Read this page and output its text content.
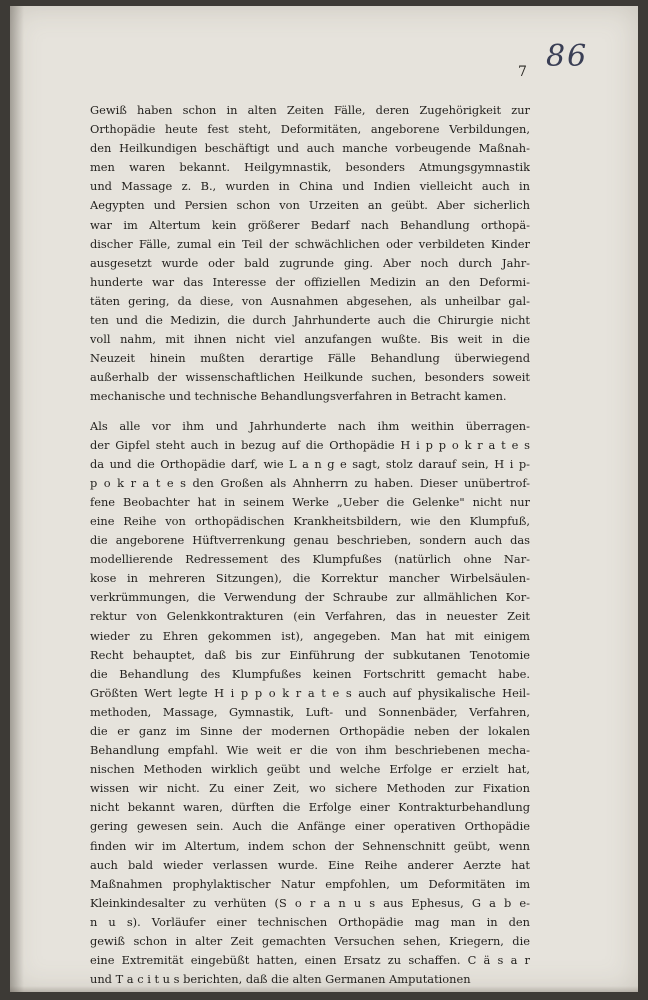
7 86
Gewiß haben schon in alten Zeiten Fälle, deren Zugehörigkeit zur
Orthopädie heute fest steht, Deformitäten, angeborene Verbildungen,
den Heilkundigen beschäftigt und auch manche vorbeugende Maßnah-
men waren bekannt. Heilgymnastik, besonders Atmungsgymnastik
und Massage z. B., wurden in China und Indien vielleicht auch in
Aegypten und Persien schon von Urzeiten an geübt. Aber sicherlich
war im Altertum kein größerer Bedarf nach Behandlung orthopä-
discher Fälle, zumal ein Teil der schwächlichen oder verbildeten Kinder
ausgesetzt wurde oder bald zugrunde ging. Aber noch durch Jahr-
hunderte war das Interesse der offiziellen Medizin an den Deformi-
täten gering, da diese, von Ausnahmen abgesehen, als unheilbar gal-
ten und die Medizin, die durch Jahrhunderte auch die Chirurgie nicht
voll nahm, mit ihnen nicht viel anzufangen wußte. Bis weit in die
Neuzeit hinein mußten derartige Fälle Behandlung überwiegend
außerhalb der wissenschaftlichen Heilkunde suchen, besonders soweit
mechanische und technische Behandlungsverfahren in Betracht kamen.
Als alle vor ihm und Jahrhunderte nach ihm weithin überragen-
der Gipfel steht auch in bezug auf die Orthopädie H i p p o k r a t e s
da und die Orthopädie darf, wie L a n g e sagt, stolz darauf sein, H i p-
p o k r a t e s den Großen als Ahnherrn zu haben. Dieser unübertrof-
fene Beobachter hat in seinem Werke „Ueber die Gelenke" nicht nur
eine Reihe von orthopädischen Krankheitsbildern, wie den Klumpfuß,
die angeborene Hüftverrenkung genau beschrieben, sondern auch das
modellierende Redressement des Klumpfußes (natürlich ohne Nar-
kose in mehreren Sitzungen), die Korrektur mancher Wirbelsäulen-
verkrümmungen, die Verwendung der Schraube zur allmählichen Kor-
rektur von Gelenkkontrakturen (ein Verfahren, das in neuester Zeit
wieder zu Ehren gekommen ist), angegeben. Man hat mit einigem
Recht behauptet, daß bis zur Einführung der subkutanen Tenotomie
die Behandlung des Klumpfußes keinen Fortschritt gemacht habe.
Größten Wert legte H i p p o k r a t e s auch auf physikalische Heil-
methoden, Massage, Gymnastik, Luft- und Sonnenbäder, Verfahren,
die er ganz im Sinne der modernen Orthopädie neben der lokalen
Behandlung empfahl. Wie weit er die von ihm beschriebenen mecha-
nischen Methoden wirklich geübt und welche Erfolge er erzielt hat,
wissen wir nicht. Zu einer Zeit, wo sichere Methoden zur Fixation
nicht bekannt waren, dürften die Erfolge einer Kontrakturbehandlung
gering gewesen sein. Auch die Anfänge einer operativen Orthopädie
finden wir im Altertum, indem schon der Sehnenschnitt geübt, wenn
auch bald wieder verlassen wurde. Eine Reihe anderer Aerzte hat
Maßnahmen prophylaktischer Natur empfohlen, um Deformitäten im
Kleinkindesalter zu verhüten (S o r a n u s aus Ephesus, G a b e-
n u s). Vorläufer einer technischen Orthopädie mag man in den
gewiß schon in alter Zeit gemachten Versuchen sehen, Kriegern, die
eine Extremität eingebüßt hatten, einen Ersatz zu schaffen. C ä s a r
und T a c i t u s berichten, daß die alten Germanen Amputationen
